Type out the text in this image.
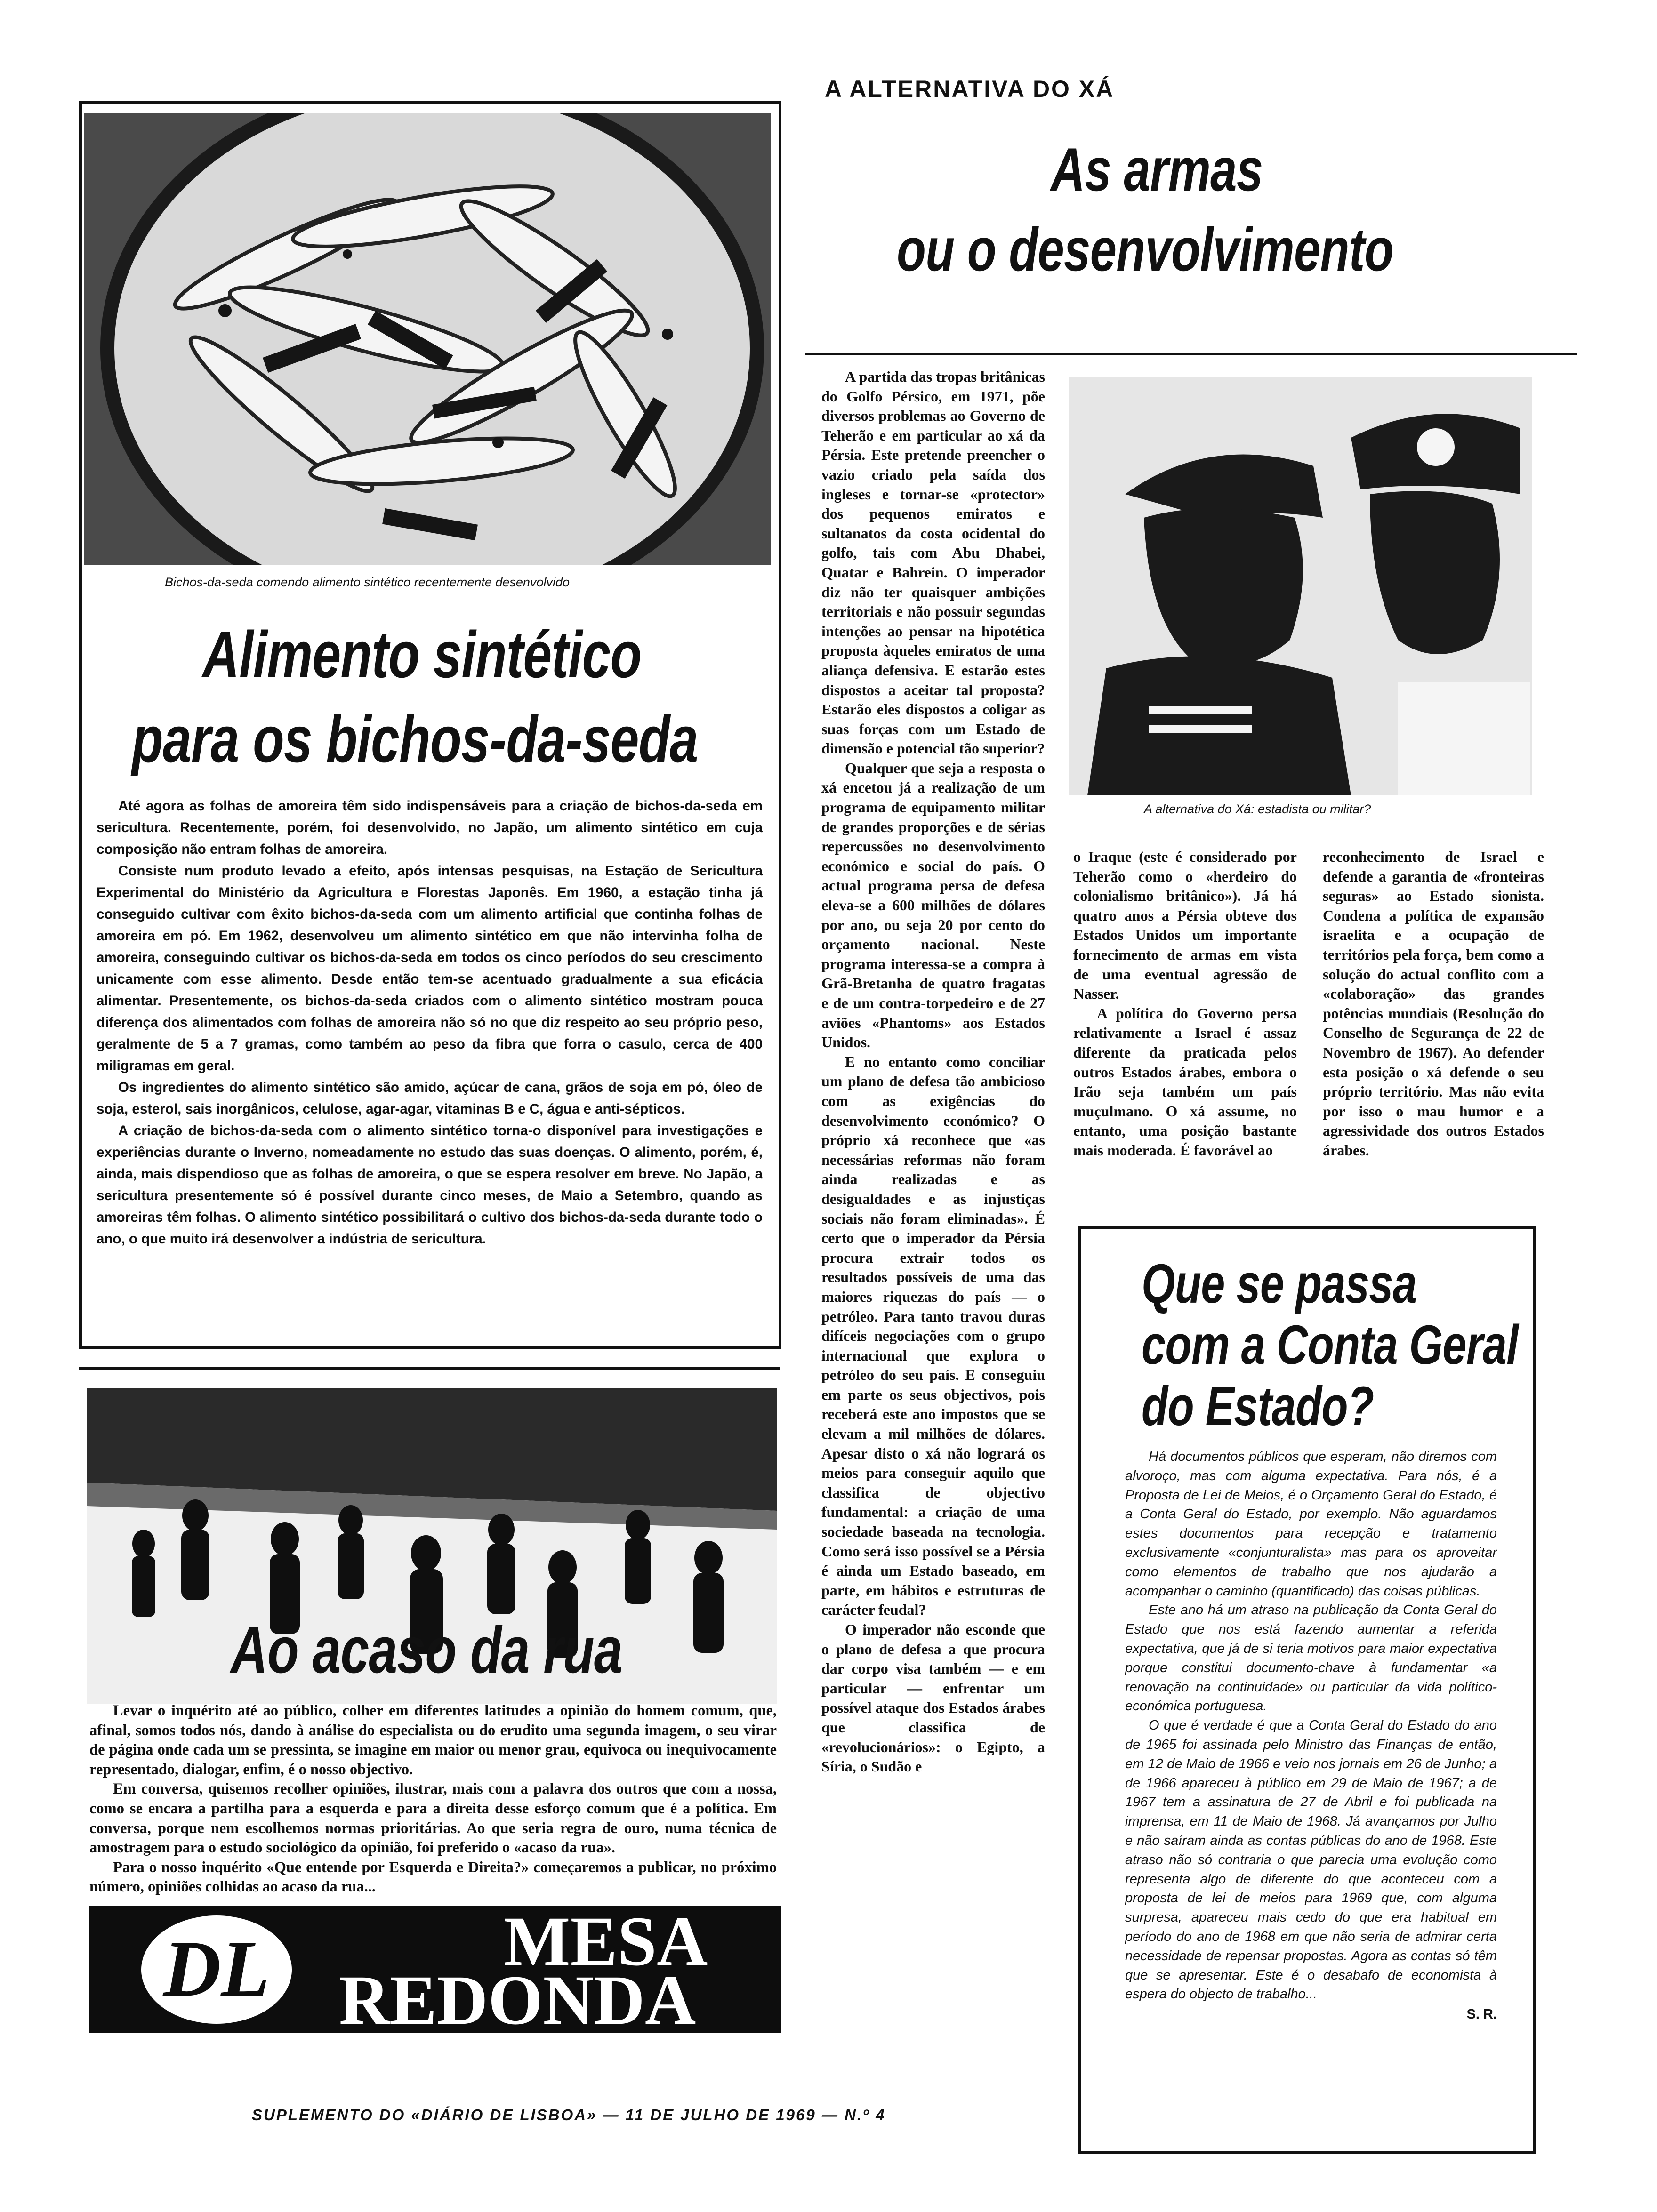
A ALTERNATIVA DO XÁ
As armas
ou o desenvolvimento
Bichos-da-seda comendo alimento sintético recentemente desenvolvido
Alimento sintético
para os bichos-da-seda

Até agora as folhas de amoreira têm sido indispensáveis para a criação de bichos-da-seda em sericultura. Recentemente, porém, foi desenvolvido, no Japão, um alimento sintético em cuja composição não entram folhas de amoreira.

Consiste num produto levado a efeito, após intensas pesquisas, na Estação de Sericultura Experimental do Ministério da Agricultura e Florestas Japonês. Em 1960, a estação tinha já conseguido cultivar com êxito bichos-da-seda com um alimento artificial que continha folhas de amoreira em pó. Em 1962, desenvolveu um alimento sintético em que não intervinha folha de amoreira, conseguindo cultivar os bichos-da-seda em todos os cinco períodos do seu crescimento unicamente com esse alimento. Desde então tem-se acentuado gradualmente a sua eficácia alimentar. Presentemente, os bichos-da-seda criados com o alimento sintético mostram pouca diferença dos alimentados com folhas de amoreira não só no que diz respeito ao seu próprio peso, geralmente de 5 a 7 gramas, como também ao peso da fibra que forra o casulo, cerca de 400 miligramas em geral.

Os ingredientes do alimento sintético são amido, açúcar de cana, grãos de soja em pó, óleo de soja, esterol, sais inorgânicos, celulose, agar-agar, vitaminas B e C, água e anti-sépticos.

A criação de bichos-da-seda com o alimento sintético torna-o disponível para investigações e experiências durante o Inverno, nomeadamente no estudo das suas doenças. O alimento, porém, é, ainda, mais dispendioso que as folhas de amoreira, o que se espera resolver em breve. No Japão, a sericultura presentemente só é possível durante cinco meses, de Maio a Setembro, quando as amoreiras têm folhas. O alimento sintético possibilitará o cultivo dos bichos-da-seda durante todo o ano, o que muito irá desenvolver a indústria de sericultura.

Ao acaso da rua

Levar o inquérito até ao público, colher em diferentes latitudes a opinião do homem comum, que, afinal, somos todos nós, dando à análise do especialista ou do erudito uma segunda imagem, o seu virar de página onde cada um se pressinta, se imagine em maior ou menor grau, equivoca ou inequivocamente representado, dialogar, enfim, é o nosso objectivo.

Em conversa, quisemos recolher opiniões, ilustrar, mais com a palavra dos outros que com a nossa, como se encara a partilha para a esquerda e para a direita desse esforço comum que é a política. Em conversa, porque nem escolhemos normas prioritárias. Ao que seria regra de ouro, numa técnica de amostragem para o estudo sociológico da opinião, foi preferido o «acaso da rua».

Para o nosso inquérito «Que entende por Esquerda e Direita?» começaremos a publicar, no próximo número, opiniões colhidas ao acaso da rua...

DL	MESA
REDONDA
SUPLEMENTO DO «DIÁRIO DE LISBOA» — 11 DE JULHO DE 1969 — N.º 4

A partida das tropas britânicas do Golfo Pérsico, em 1971, põe diversos problemas ao Governo de Teherão e em particular ao xá da Pérsia. Este pretende preencher o vazio criado pela saída dos ingleses e tornar-se «protector» dos pequenos emiratos e sultanatos da costa ocidental do golfo, tais com Abu Dhabei, Quatar e Bahrein. O imperador diz não ter quaisquer ambições territoriais e não possuir segundas intenções ao pensar na hipotética proposta àqueles emiratos de uma aliança defensiva. E estarão estes dispostos a aceitar tal proposta? Estarão eles dispostos a coligar as suas forças com um Estado de dimensão e potencial tão superior?

Qualquer que seja a resposta o xá encetou já a realização de um programa de equipamento militar de grandes proporções e de sérias repercussões no desenvolvimento económico e social do país. O actual programa persa de defesa eleva-se a 600 milhões de dólares por ano, ou seja 20 por cento do orçamento nacional. Neste programa interessa-se a compra à Grã-Bretanha de quatro fragatas e de um contra-torpedeiro e de 27 aviões «Phantoms» aos Estados Unidos.

E no entanto como conciliar um plano de defesa tão ambicioso com as exigências do desenvolvimento económico? O próprio xá reconhece que «as necessárias reformas não foram ainda realizadas e as desigualdades e as injustiças sociais não foram eliminadas». É certo que o imperador da Pérsia procura extrair todos os resultados possíveis de uma das maiores riquezas do país — o petróleo. Para tanto travou duras difíceis negociações com o grupo internacional que explora o petróleo do seu país. E conseguiu em parte os seus objectivos, pois receberá este ano impostos que se elevam a mil milhões de dólares. Apesar disto o xá não logrará os meios para conseguir aquilo que classifica de objectivo fundamental: a criação de uma sociedade baseada na tecnologia. Como será isso possível se a Pérsia é ainda um Estado baseado, em parte, em hábitos e estruturas de carácter feudal?

O imperador não esconde que o plano de defesa a que procura dar corpo visa também — e em particular — enfrentar um possível ataque dos Estados árabes que classifica de «revolucionários»: o Egipto, a Síria, o Sudão e

A alternativa do Xá: estadista ou militar?

o Iraque (este é considerado por Teherão como o «herdeiro do colonialismo britânico»). Já há quatro anos a Pérsia obteve dos Estados Unidos um importante fornecimento de armas em vista de uma eventual agressão de Nasser.

A política do Governo persa relativamente a Israel é assaz diferente da praticada pelos outros Estados árabes, embora o Irão seja também um país muçulmano. O xá assume, no entanto, uma posição bastante mais moderada. É favorável ao

reconhecimento de Israel e defende a garantia de «fronteiras seguras» ao Estado sionista. Condena a política de expansão israelita e a ocupação de territórios pela força, bem como a solução do actual conflito com a «colaboração» das grandes potências mundiais (Resolução do Conselho de Segurança de 22 de Novembro de 1967). Ao defender esta posição o xá defende o seu próprio território. Mas não evita por isso o mau humor e a agressividade dos outros Estados árabes.

Que se passa
com a Conta Geral
do Estado?

Há documentos públicos que esperam, não diremos com alvoroço, mas com alguma expectativa. Para nós, é a Proposta de Lei de Meios, é o Orçamento Geral do Estado, é a Conta Geral do Estado, por exemplo. Não aguardamos estes documentos para recepção e tratamento exclusivamente «conjunturalista» mas para os aproveitar como elementos de trabalho que nos ajudarão a acompanhar o caminho (quantificado) das coisas públicas.

Este ano há um atraso na publicação da Conta Geral do Estado que nos está fazendo aumentar a referida expectativa, que já de si teria motivos para maior expectativa porque constitui documento-chave à fundamentar «a renovação na continuidade» ou particular da vida político-económica portuguesa.

O que é verdade é que a Conta Geral do Estado do ano de 1965 foi assinada pelo Ministro das Finanças de então, em 12 de Maio de 1966 e veio nos jornais em 26 de Junho; a de 1966 apareceu à público em 29 de Maio de 1967; a de 1967 tem a assinatura de 27 de Abril e foi publicada na imprensa, em 11 de Maio de 1968. Já avançamos por Julho e não saíram ainda as contas públicas do ano de 1968. Este atraso não só contraria o que parecia uma evolução como representa algo de diferente do que aconteceu com a proposta de lei de meios para 1969 que, com alguma surpresa, apareceu mais cedo do que era habitual em período do ano de 1968 em que não seria de admirar certa necessidade de repensar propostas. Agora as contas só têm que se apresentar. Este é o desabafo de economista à espera do objecto de trabalho...

S. R.
